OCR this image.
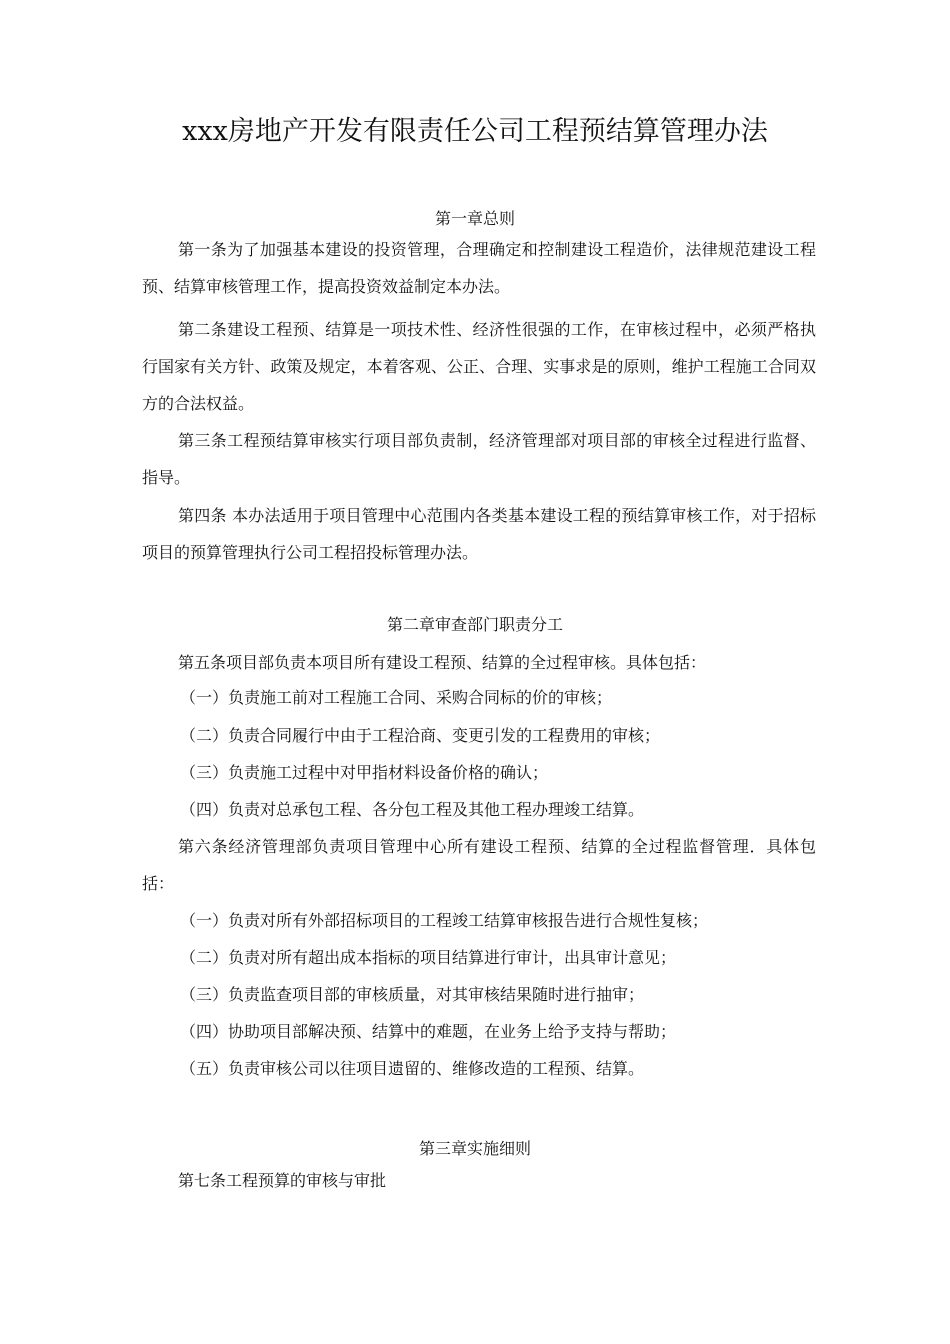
xxx房地产开发有限责任公司工程预结算管理办法
第一章总则
第一条为了加强基本建设的投资管理，合理确定和控制建设工程造价，法律规范建设工程预、结算审核管理工作，提高投资效益制定本办法。
第二条建设工程预、结算是一项技术性、经济性很强的工作，在审核过程中，必须严格执行国家有关方针、政策及规定，本着客观、公正、合理、实事求是的原则，维护工程施工合同双方的合法权益。
第三条工程预结算审核实行项目部负责制，经济管理部对项目部的审核全过程进行监督、指导。
第四条 本办法适用于项目管理中心范围内各类基本建设工程的预结算审核工作，对于招标项目的预算管理执行公司工程招投标管理办法。
第二章审查部门职责分工
第五条项目部负责本项目所有建设工程预、结算的全过程审核。具体包括：
（一）负责施工前对工程施工合同、采购合同标的价的审核；
（二）负责合同履行中由于工程洽商、变更引发的工程费用的审核；
（三）负责施工过程中对甲指材料设备价格的确认；
（四）负责对总承包工程、各分包工程及其他工程办理竣工结算。
第六条经济管理部负责项目管理中心所有建设工程预、结算的全过程监督管理．具体包括：
（一）负责对所有外部招标项目的工程竣工结算审核报告进行合规性复核；
（二）负责对所有超出成本指标的项目结算进行审计，出具审计意见；
（三）负责监查项目部的审核质量，对其审核结果随时进行抽审；
（四）协助项目部解决预、结算中的难题，在业务上给予支持与帮助；
（五）负责审核公司以往项目遗留的、维修改造的工程预、结算。
第三章实施细则
第七条工程预算的审核与审批
